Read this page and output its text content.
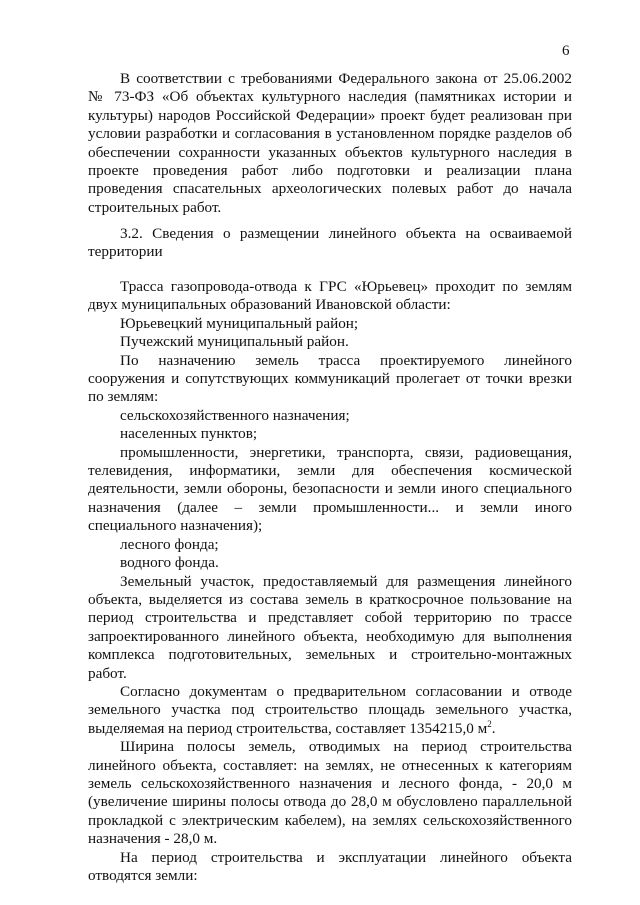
6

В соответствии с требованиями Федерального закона от 25.06.2002 № 73-ФЗ «Об объектах культурного наследия (памятниках истории и культуры) народов Российской Федерации» проект будет реализован при условии разработки и согласования в установленном порядке разделов об обеспечении сохранности указанных объектов культурного наследия в проекте проведения работ либо подготовки и реализации плана проведения спасательных археологических полевых работ до начала строительных работ.

3.2. Сведения о размещении линейного объекта на осваиваемой территории

Трасса газопровода-отвода к ГРС «Юрьевец» проходит по землям двух муниципальных образований Ивановской области:

Юрьевецкий муниципальный район;

Пучежский муниципальный район.

По назначению земель трасса проектируемого линейного сооружения и сопутствующих коммуникаций пролегает от точки врезки по землям:

сельскохозяйственного назначения;

населенных пунктов;

промышленности, энергетики, транспорта, связи, радиовещания, телевидения, информатики, земли для обеспечения космической деятельности, земли обороны, безопасности и земли иного специального назначения (далее – земли промышленности... и земли иного специального назначения);

лесного фонда;

водного фонда.

Земельный участок, предоставляемый для размещения линейного объекта, выделяется из состава земель в краткосрочное пользование на период строительства и представляет собой территорию по трассе запроектированного линейного объекта, необходимую для выполнения комплекса подготовительных, земельных и строительно-монтажных работ.

Согласно документам о предварительном согласовании и отводе земельного участка под строительство площадь земельного участка, выделяемая на период строительства, составляет 1354215,0 $м^2$.

Ширина полосы земель, отводимых на период строительства линейного объекта, составляет: на землях, не отнесенных к категориям земель сельскохозяйственного назначения и лесного фонда, - 20,0 м (увеличение ширины полосы отвода до 28,0 м обусловлено параллельной прокладкой с электрическим кабелем), на землях сельскохозяйственного назначения - 28,0 м.

На период строительства и эксплуатации линейного объекта отводятся земли:
